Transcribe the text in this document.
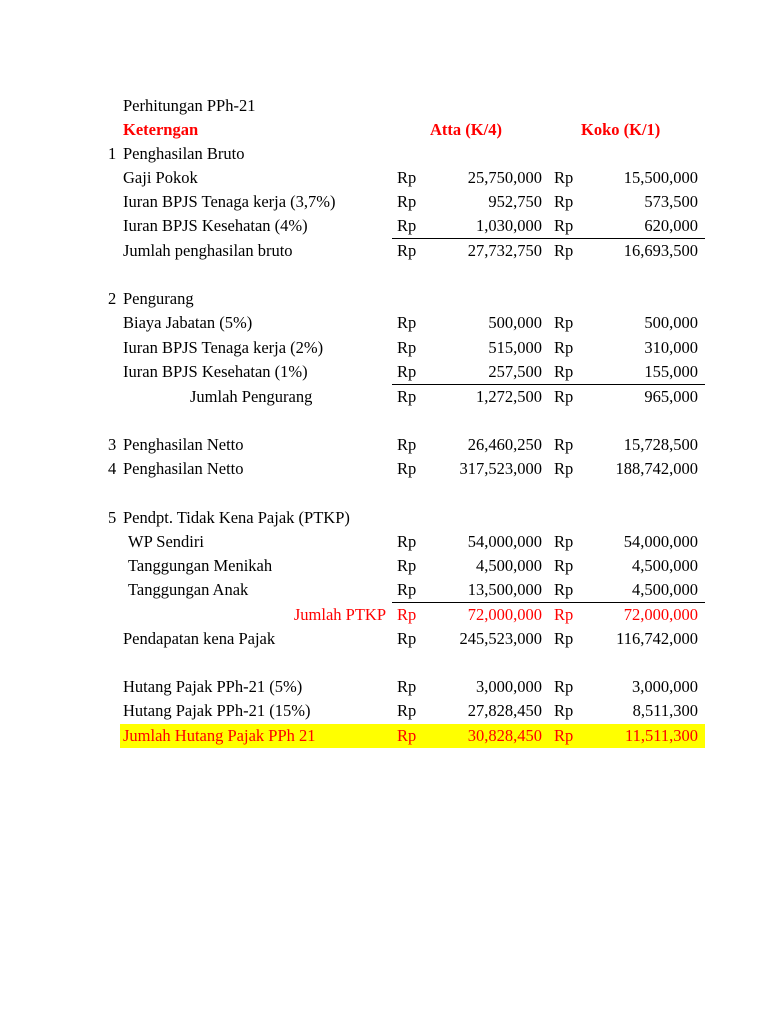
Perhitungan PPh-21
Keterngan	Atta (K/4)	Koko (K/1)
1 Penghasilan Bruto
Gaji Pokok	Rp	25,750,000 Rp	15,500,000
Iuran BPJS Tenaga kerja (3,7%)	Rp	952,750 Rp	573,500
Iuran BPJS Kesehatan (4%)	Rp	1,030,000 Rp	620,000
Jumlah penghasilan bruto	Rp	27,732,750 Rp	16,693,500
2 Pengurang
Biaya Jabatan (5%)	Rp	500,000 Rp	500,000
Iuran BPJS Tenaga kerja (2%)	Rp	515,000 Rp	310,000
Iuran BPJS Kesehatan (1%)	Rp	257,500 Rp	155,000
Jumlah Pengurang	Rp	1,272,500 Rp	965,000
3 Penghasilan Netto	Rp	26,460,250 Rp	15,728,500
4 Penghasilan Netto	Rp	317,523,000 Rp	188,742,000
5 Pendpt. Tidak Kena Pajak (PTKP)
WP Sendiri	Rp	54,000,000 Rp	54,000,000
Tanggungan Menikah	Rp	4,500,000 Rp	4,500,000
Tanggungan Anak	Rp	13,500,000 Rp	4,500,000
Jumlah PTKP Rp	72,000,000 Rp	72,000,000
Pendapatan kena Pajak	Rp	245,523,000 Rp	116,742,000
Hutang Pajak PPh-21 (5%)	Rp	3,000,000 Rp	3,000,000
Hutang Pajak PPh-21 (15%)	Rp	27,828,450 Rp	8,511,300
Jumlah Hutang Pajak PPh 21	Rp	30,828,450 Rp	11,511,300
